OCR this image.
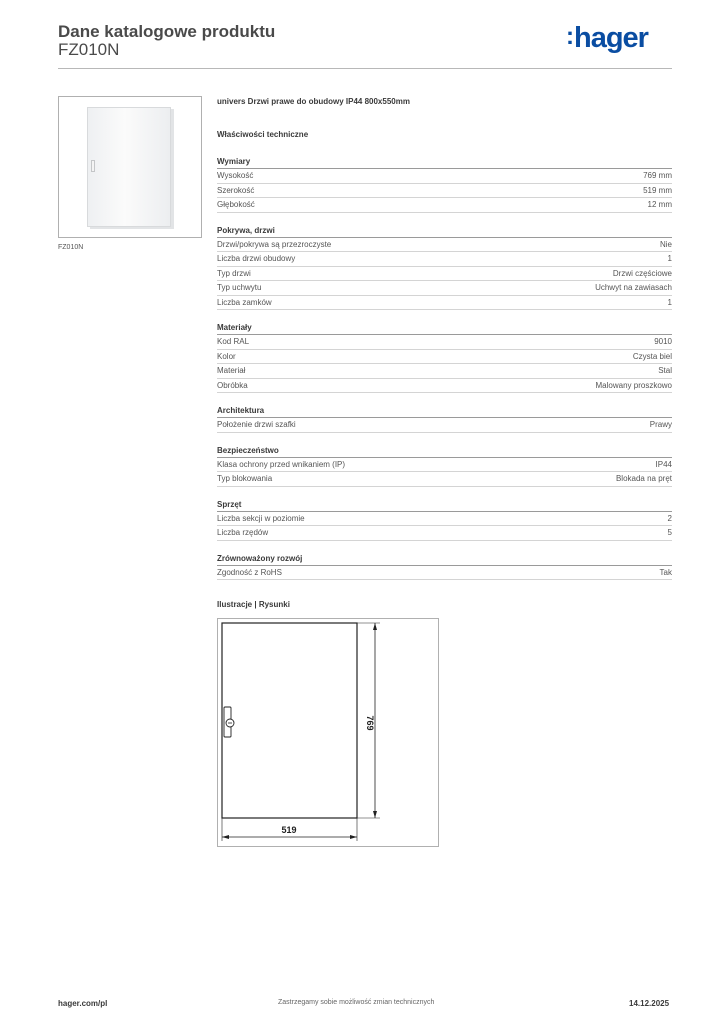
Dane katalogowe produktu
FZ010N	:hager
FZ010N
univers Drzwi prawe do obudowy IP44 800x550mm
Właściwości techniczne
Wymiary
Wysokość	769 mm
Szerokość	519 mm
Głębokość	12 mm
Pokrywa, drzwi
Drzwi/pokrywa są przezroczyste	Nie
Liczba drzwi obudowy	1
Typ drzwi	Drzwi częściowe
Typ uchwytu	Uchwyt na zawiasach
Liczba zamków	1
Materiały
Kod RAL	9010
Kolor	Czysta biel
Materiał	Stal
Obróbka	Malowany proszkowo
Architektura
Położenie drzwi szafki	Prawy
Bezpieczeństwo
Klasa ochrony przed wnikaniem (IP)	IP44
Typ blokowania	Blokada na pręt
Sprzęt
Liczba sekcji w poziomie	2
Liczba rzędów	5
Zrównoważony rozwój
Zgodność z RoHS	Tak
Ilustracje | Rysunki
769
519
hager.com/pl	Zastrzegamy sobie możliwość zmian technicznych	14.12.2025
